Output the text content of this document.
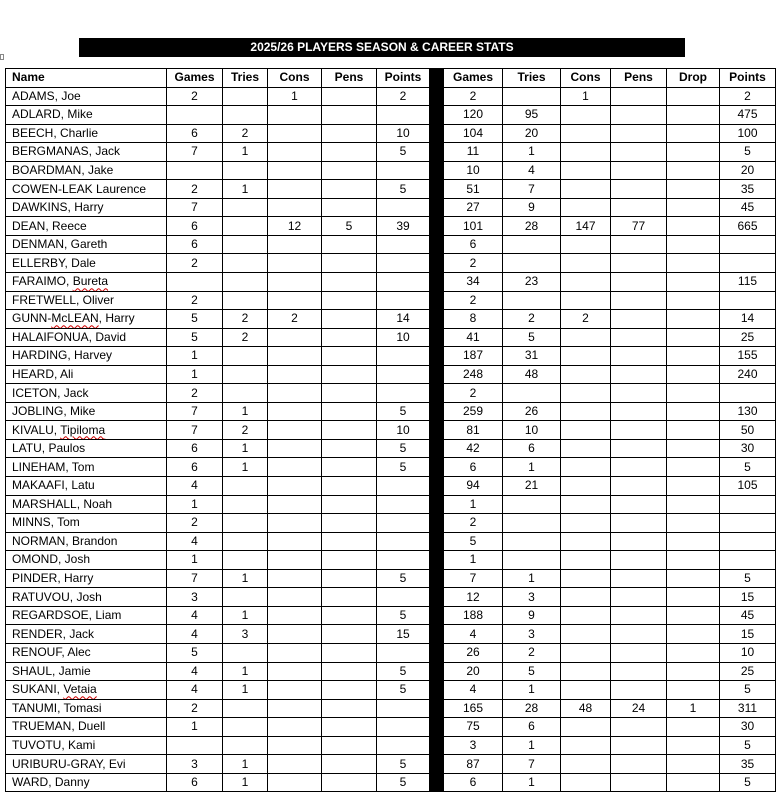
2025/26 PLAYERS SEASON & CAREER STATS
Name	Games	Tries	Cons	Pens	Points		Games	Tries	Cons	Pens	Drop	Points
ADAMS, Joe	2		1		2		2		1			2
ADLARD, Mike							120	95				475
BEECH, Charlie	6	2			10		104	20				100
BERGMANAS, Jack	7	1			5		11	1				5
BOARDMAN, Jake							10	4				20
COWEN-LEAK Laurence	2	1			5		51	7				35
DAWKINS, Harry	7						27	9				45
DEAN, Reece	6		12	5	39		101	28	147	77		665
DENMAN, Gareth	6						6					
ELLERBY, Dale	2						2					
FARAIMO, Bureta							34	23				115
FRETWELL, Oliver	2						2					
GUNN-McLEAN, Harry	5	2	2		14		8	2	2			14
HALAIFONUA, David	5	2			10		41	5				25
HARDING, Harvey	1						187	31				155
HEARD, Ali	1						248	48				240
ICETON, Jack	2						2					
JOBLING, Mike	7	1			5		259	26				130
KIVALU, Tipiloma	7	2			10		81	10				50
LATU, Paulos	6	1			5		42	6				30
LINEHAM, Tom	6	1			5		6	1				5
MAKAAFI, Latu	4						94	21				105
MARSHALL, Noah	1						1					
MINNS, Tom	2						2					
NORMAN, Brandon	4						5					
OMOND, Josh	1						1					
PINDER, Harry	7	1			5		7	1				5
RATUVOU, Josh	3						12	3				15
REGARDSOE, Liam	4	1			5		188	9				45
RENDER, Jack	4	3			15		4	3				15
RENOUF, Alec	5						26	2				10
SHAUL, Jamie	4	1			5		20	5				25
SUKANI, Vetaia	4	1			5		4	1				5
TANUMI, Tomasi	2						165	28	48	24	1	311
TRUEMAN, Duell	1						75	6				30
TUVOTU, Kami							3	1				5
URIBURU-GRAY, Evi	3	1			5		87	7				35
WARD, Danny	6	1			5		6	1				5
